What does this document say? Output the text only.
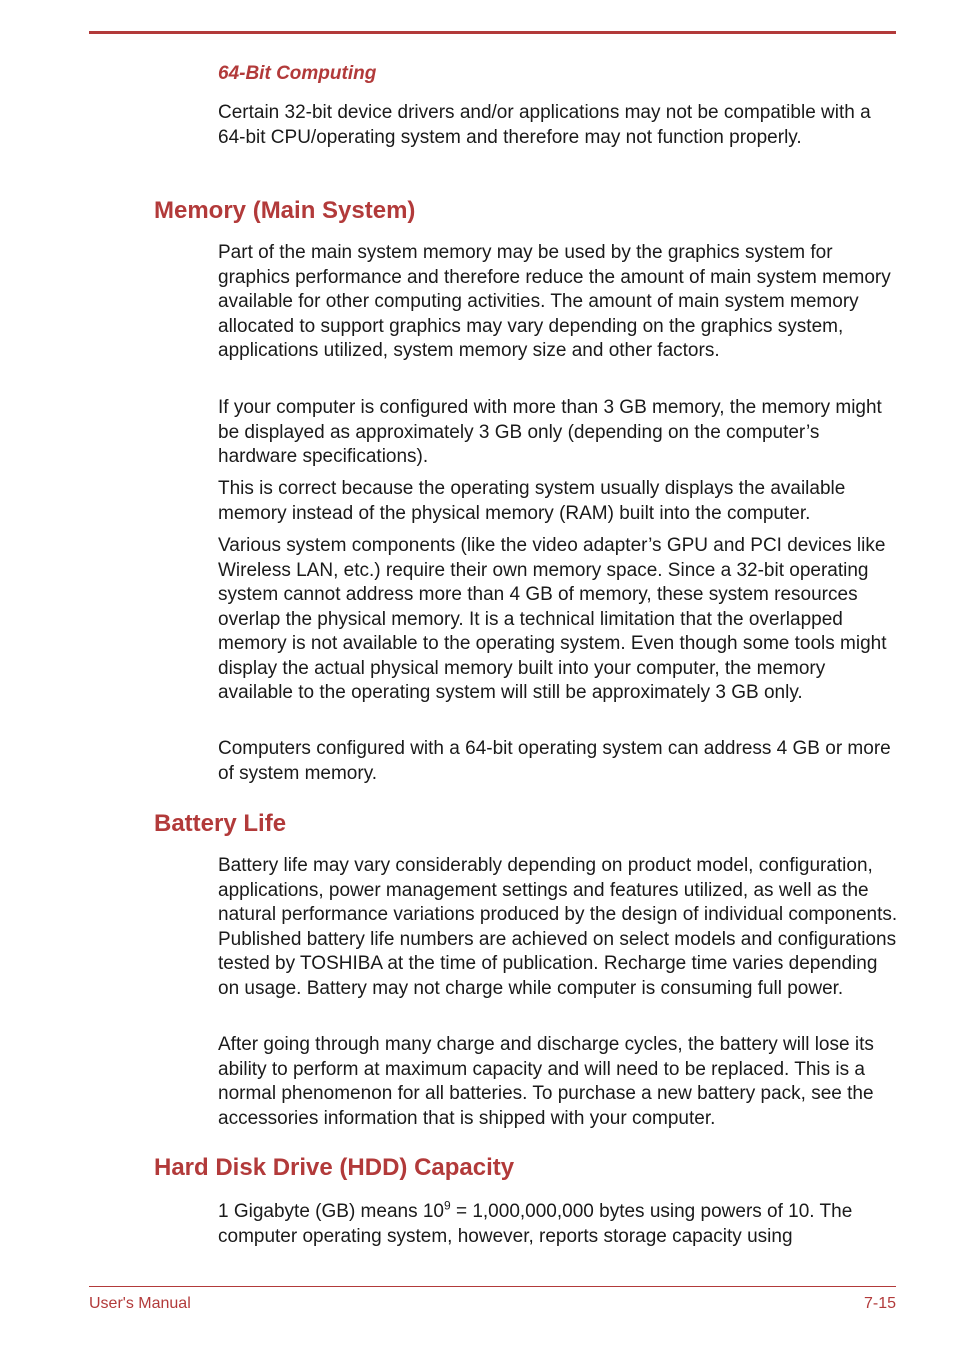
64-Bit Computing

Certain 32-bit device drivers and/or applications may not be compatible with a 64-bit CPU/operating system and therefore may not function properly.

Memory (Main System)

Part of the main system memory may be used by the graphics system for graphics performance and therefore reduce the amount of main system memory available for other computing activities. The amount of main system memory allocated to support graphics may vary depending on the graphics system, applications utilized, system memory size and other factors.

If your computer is configured with more than 3 GB memory, the memory might be displayed as approximately 3 GB only (depending on the computer’s hardware specifications).

This is correct because the operating system usually displays the available memory instead of the physical memory (RAM) built into the computer.

Various system components (like the video adapter’s GPU and PCI devices like Wireless LAN, etc.) require their own memory space. Since a 32-bit operating system cannot address more than 4 GB of memory, these system resources overlap the physical memory. It is a technical limitation that the overlapped memory is not available to the operating system. Even though some tools might display the actual physical memory built into your computer, the memory available to the operating system will still be approximately 3 GB only.

Computers configured with a 64-bit operating system can address 4 GB or more of system memory.

Battery Life

Battery life may vary considerably depending on product model, configuration, applications, power management settings and features utilized, as well as the natural performance variations produced by the design of individual components. Published battery life numbers are achieved on select models and configurations tested by TOSHIBA at the time of publication. Recharge time varies depending on usage. Battery may not charge while computer is consuming full power.

After going through many charge and discharge cycles, the battery will lose its ability to perform at maximum capacity and will need to be replaced. This is a normal phenomenon for all batteries. To purchase a new battery pack, see the accessories information that is shipped with your computer.

Hard Disk Drive (HDD) Capacity

1 Gigabyte (GB) means $10^9 = 1,000,000,000$ bytes using powers of 10. The computer operating system, however, reports storage capacity using

User's Manual	7-15
